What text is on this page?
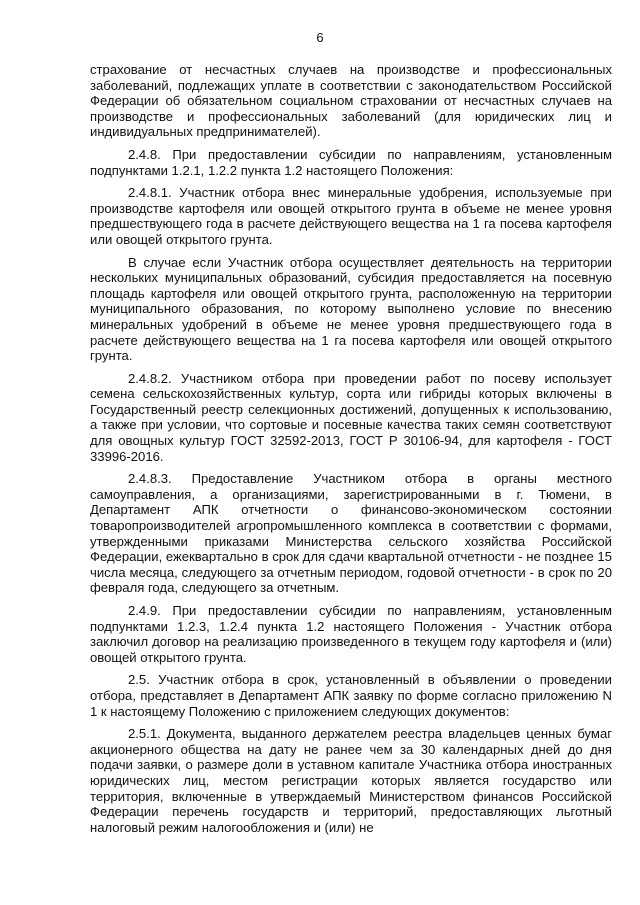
6

страхование от несчастных случаев на производстве и профессиональных заболеваний, подлежащих уплате в соответствии с законодательством Российской Федерации об обязательном социальном страховании от несчастных случаев на производстве и профессиональных заболеваний (для юридических лиц и индивидуальных предпринимателей).

2.4.8. При предоставлении субсидии по направлениям, установленным подпунктами 1.2.1, 1.2.2 пункта 1.2 настоящего Положения:

2.4.8.1. Участник отбора внес минеральные удобрения, используемые при производстве картофеля или овощей открытого грунта в объеме не менее уровня предшествующего года в расчете действующего вещества на 1 га посева картофеля или овощей открытого грунта.

В случае если Участник отбора осуществляет деятельность на территории нескольких муниципальных образований, субсидия предоставляется на посевную площадь картофеля или овощей открытого грунта, расположенную на территории муниципального образования, по которому выполнено условие по внесению минеральных удобрений в объеме не менее уровня предшествующего года в расчете действующего вещества на 1 га посева картофеля или овощей открытого грунта.

2.4.8.2. Участником отбора при проведении работ по посеву использует семена сельскохозяйственных культур, сорта или гибриды которых включены в Государственный реестр селекционных достижений, допущенных к использованию, а также при условии, что сортовые и посевные качества таких семян соответствуют для овощных культур ГОСТ 32592-2013, ГОСТ Р 30106-94, для картофеля - ГОСТ 33996-2016.

2.4.8.3. Предоставление Участником отбора в органы местного самоуправления, а организациями, зарегистрированными в г. Тюмени, в Департамент АПК отчетности о финансово-экономическом состоянии товаропроизводителей агропромышленного комплекса в соответствии с формами, утвержденными приказами Министерства сельского хозяйства Российской Федерации, ежеквартально в срок для сдачи квартальной отчетности - не позднее 15 числа месяца, следующего за отчетным периодом, годовой отчетности - в срок по 20 февраля года, следующего за отчетным.

2.4.9. При предоставлении субсидии по направлениям, установленным подпунктами 1.2.3, 1.2.4 пункта 1.2 настоящего Положения - Участник отбора заключил договор на реализацию произведенного в текущем году картофеля и (или) овощей открытого грунта.

2.5. Участник отбора в срок, установленный в объявлении о проведении отбора, представляет в Департамент АПК заявку по форме согласно приложению N 1 к настоящему Положению с приложением следующих документов:

2.5.1. Документа, выданного держателем реестра владельцев ценных бумаг акционерного общества на дату не ранее чем за 30 календарных дней до дня подачи заявки, о размере доли в уставном капитале Участника отбора иностранных юридических лиц, местом регистрации которых является государство или территория, включенные в утверждаемый Министерством финансов Российской Федерации перечень государств и территорий, предоставляющих льготный налоговый режим налогообложения и (или) не
